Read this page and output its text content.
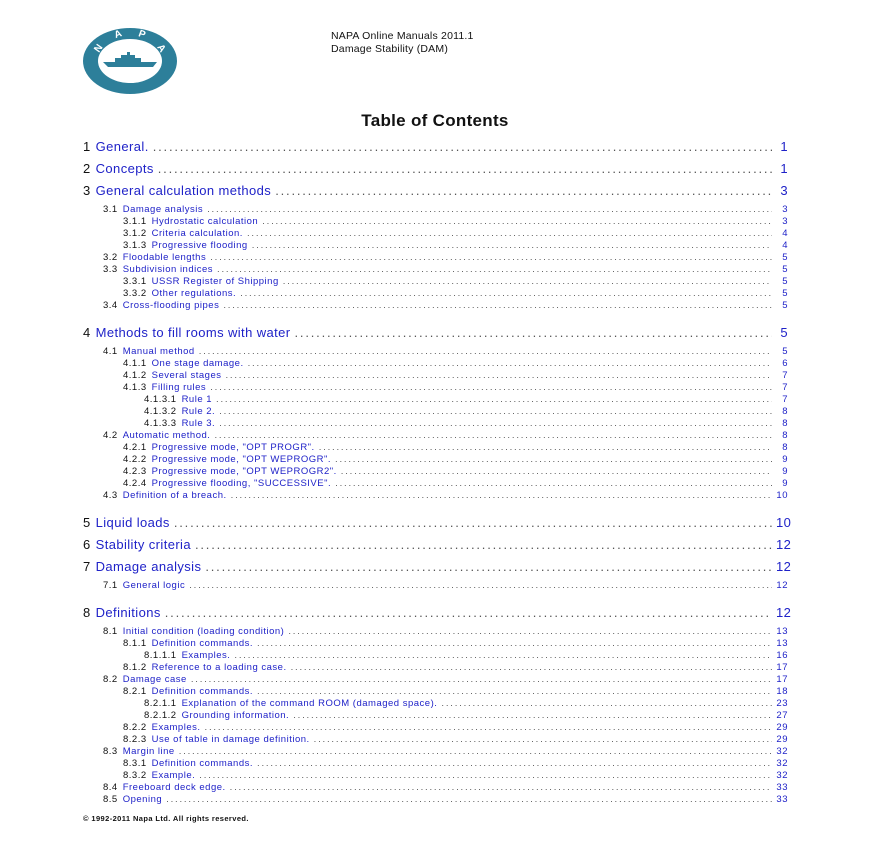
N
A P
A
NAPA Online Manuals 2011.1
Damage Stability (DAM)
Table of Contents
1 General. .....	1
2 Concepts .....	1
3 General calculation methods .....	3
3.1 Damage analysis .....	3
3.1.1 Hydrostatic calculation .....	3
3.1.2 Criteria calculation. .....	4
3.1.3 Progressive flooding .....	4
3.2 Floodable lengths .....	5
3.3 Subdivision indices .....	5
3.3.1 USSR Register of Shipping .....	5
3.3.2 Other regulations. .....	5
3.4 Cross-flooding pipes .....	5
4 Methods to fill rooms with water .....	5
4.1 Manual method .....	5
4.1.1 One stage damage. .....	6
4.1.2 Several stages .....	7
4.1.3 Filling rules .....	7
4.1.3.1 Rule 1 .....	7
4.1.3.2 Rule 2. .....	8
4.1.3.3 Rule 3. .....	8
4.2 Automatic method. .....	8
4.2.1 Progressive mode, "OPT PROGR". .....	8
4.2.2 Progressive mode, "OPT WEPROGR". .....	9
4.2.3 Progressive mode, "OPT WEPROGR2". .....	9
4.2.4 Progressive flooding, "SUCCESSIVE". .....	9
4.3 Definition of a breach. .....	10
5 Liquid loads .....	10
6 Stability criteria .....	12
7 Damage analysis .....	12
7.1 General logic .....	12
8 Definitions .....	12
8.1 Initial condition (loading condition) .....	13
8.1.1 Definition commands. .....	13
8.1.1.1 Examples. .....	16
8.1.2 Reference to a loading case. .....	17
8.2 Damage case .....	17
8.2.1 Definition commands. .....	18
8.2.1.1 Explanation of the command ROOM (damaged space). .....	23
8.2.1.2 Grounding information. .....	27
8.2.2 Examples. .....	29
8.2.3 Use of table in damage definition. .....	29
8.3 Margin line .....	32
8.3.1 Definition commands. .....	32
8.3.2 Example. .....	32
8.4 Freeboard deck edge. .....	33
8.5 Opening .....	33
© 1992-2011 Napa Ltd. All rights reserved.
